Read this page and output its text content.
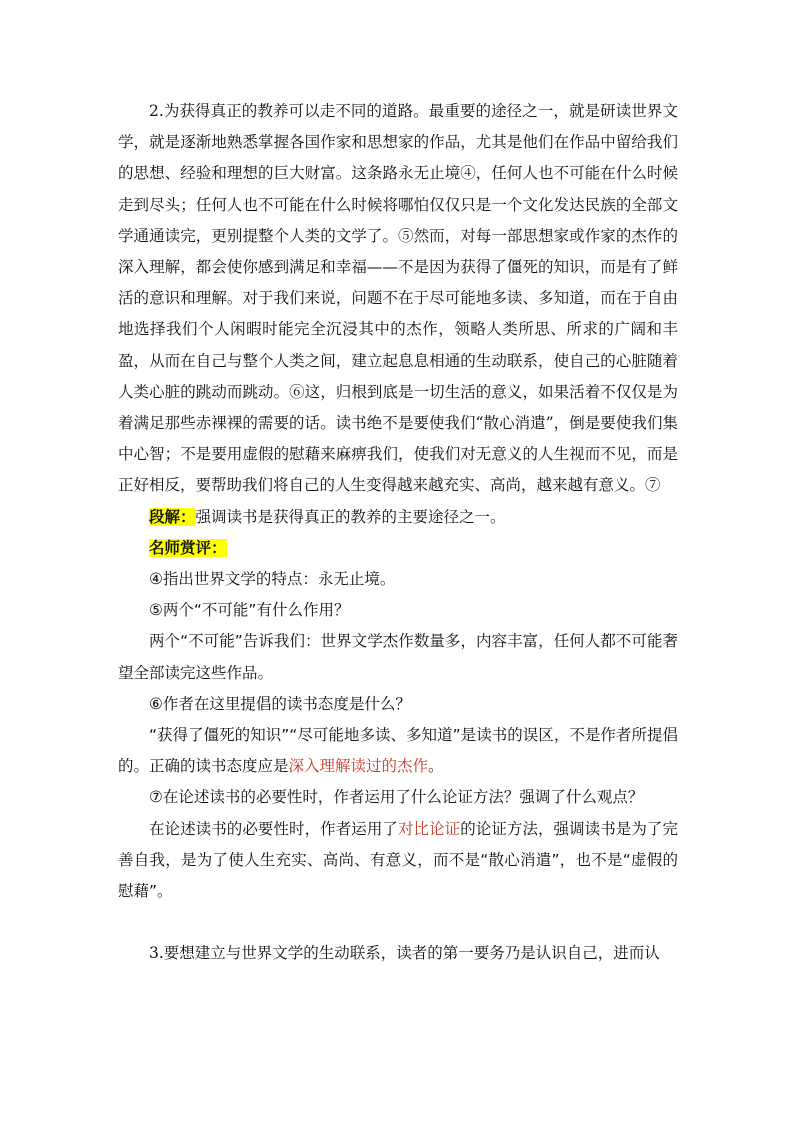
2.为获得真正的教养可以走不同的道路。最重要的途径之一，就是研读世界文学，就是逐渐地熟悉掌握各国作家和思想家的作品，尤其是他们在作品中留给我们的思想、经验和理想的巨大财富。这条路永无止境④，任何人也不可能在什么时候走到尽头；任何人也不可能在什么时候将哪怕仅仅只是一个文化发达民族的全部文学通通读完，更别提整个人类的文学了。⑤然而，对每一部思想家或作家的杰作的深入理解，都会使你感到满足和幸福——不是因为获得了僵死的知识，而是有了鲜活的意识和理解。对于我们来说，问题不在于尽可能地多读、多知道，而在于自由地选择我们个人闲暇时能完全沉浸其中的杰作，领略人类所思、所求的广阔和丰盈，从而在自己与整个人类之间，建立起息息相通的生动联系，使自己的心脏随着人类心脏的跳动而跳动。⑥这，归根到底是一切生活的意义，如果活着不仅仅是为着满足那些赤裸裸的需要的话。读书绝不是要使我们“散心消遣”，倒是要使我们集中心智；不是要用虚假的慰藉来麻痹我们，使我们对无意义的人生视而不见，而是正好相反，要帮助我们将自己的人生变得越来越充实、高尚，越来越有意义。⑦

段解：强调读书是获得真正的教养的主要途径之一。

名师赏评：

④指出世界文学的特点：永无止境。

⑤两个“不可能”有什么作用？

两个“不可能”告诉我们：世界文学杰作数量多，内容丰富，任何人都不可能奢望全部读完这些作品。

⑥作者在这里提倡的读书态度是什么？

“获得了僵死的知识”“尽可能地多读、多知道”是读书的误区，不是作者所提倡的。正确的读书态度应是深入理解读过的杰作。

⑦在论述读书的必要性时，作者运用了什么论证方法？强调了什么观点？

在论述读书的必要性时，作者运用了对比论证的论证方法，强调读书是为了完善自我，是为了使人生充实、高尚、有意义，而不是“散心消遣”，也不是“虚假的慰藉”。

3.要想建立与世界文学的生动联系，读者的第一要务乃是认识自己，进而认
